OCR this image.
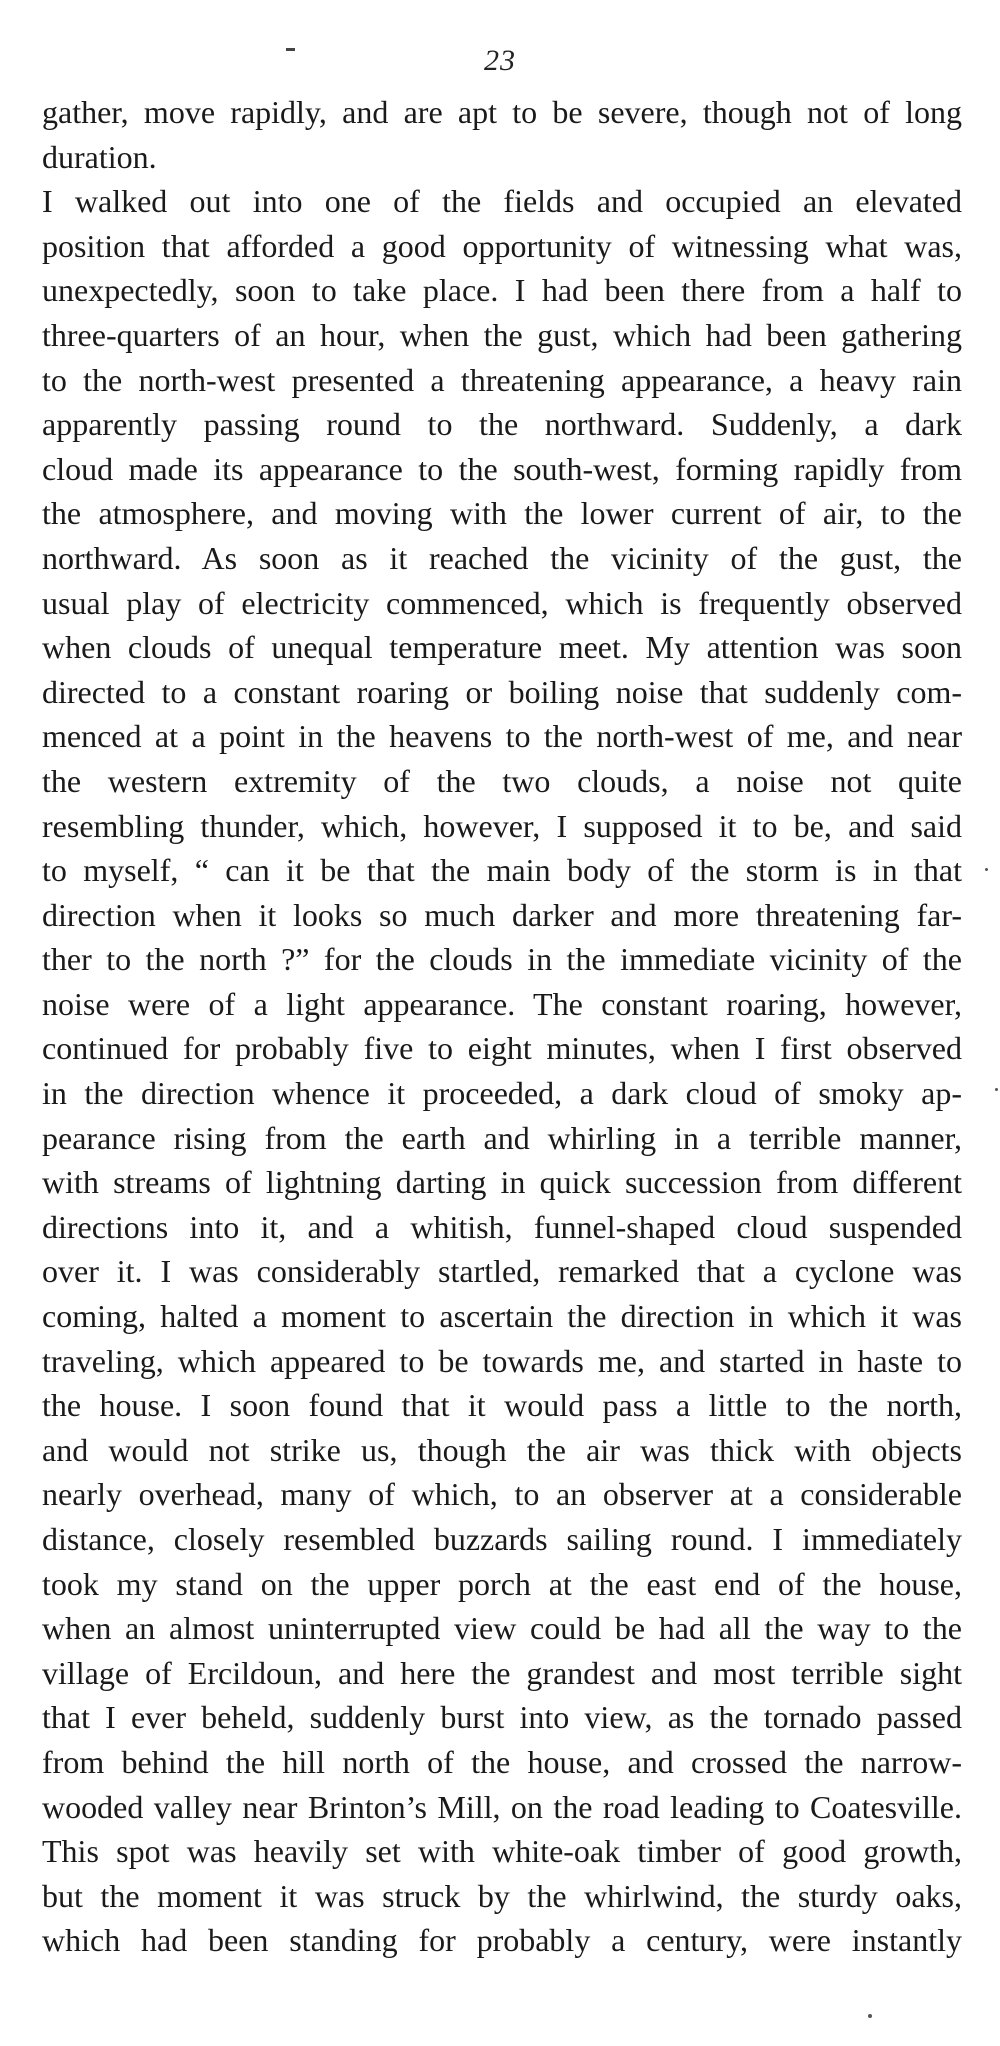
23
gather, move rapidly, and are apt to be severe, though not of long
duration.
I walked out into one of the fields and occupied an elevated
position that afforded a good opportunity of witnessing what was,
unexpectedly, soon to take place. I had been there from a half to
three-quarters of an hour, when the gust, which had been gathering
to the north-west presented a threatening appearance, a heavy rain
apparently passing round to the northward. Suddenly, a dark
cloud made its appearance to the south-west, forming rapidly from
the atmosphere, and moving with the lower current of air, to the
northward. As soon as it reached the vicinity of the gust, the
usual play of electricity commenced, which is frequently observed
when clouds of unequal temperature meet. My attention was soon
directed to a constant roaring or boiling noise that suddenly com-
menced at a point in the heavens to the north-west of me, and near
the western extremity of the two clouds, a noise not quite
resembling thunder, which, however, I supposed it to be, and said
to myself, “ can it be that the main body of the storm is in that
direction when it looks so much darker and more threatening far-
ther to the north ?” for the clouds in the immediate vicinity of the
noise were of a light appearance. The constant roaring, however,
continued for probably five to eight minutes, when I first observed
in the direction whence it proceeded, a dark cloud of smoky ap-
pearance rising from the earth and whirling in a terrible manner,
with streams of lightning darting in quick succession from different
directions into it, and a whitish, funnel-shaped cloud suspended
over it. I was considerably startled, remarked that a cyclone was
coming, halted a moment to ascertain the direction in which it was
traveling, which appeared to be towards me, and started in haste to
the house. I soon found that it would pass a little to the north,
and would not strike us, though the air was thick with objects
nearly overhead, many of which, to an observer at a considerable
distance, closely resembled buzzards sailing round. I immediately
took my stand on the upper porch at the east end of the house,
when an almost uninterrupted view could be had all the way to the
village of Ercildoun, and here the grandest and most terrible sight
that I ever beheld, suddenly burst into view, as the tornado passed
from behind the hill north of the house, and crossed the narrow-
wooded valley near Brinton’s Mill, on the road leading to Coatesville.
This spot was heavily set with white-oak timber of good growth,
but the moment it was struck by the whirlwind, the sturdy oaks,
which had been standing for probably a century, were instantly
